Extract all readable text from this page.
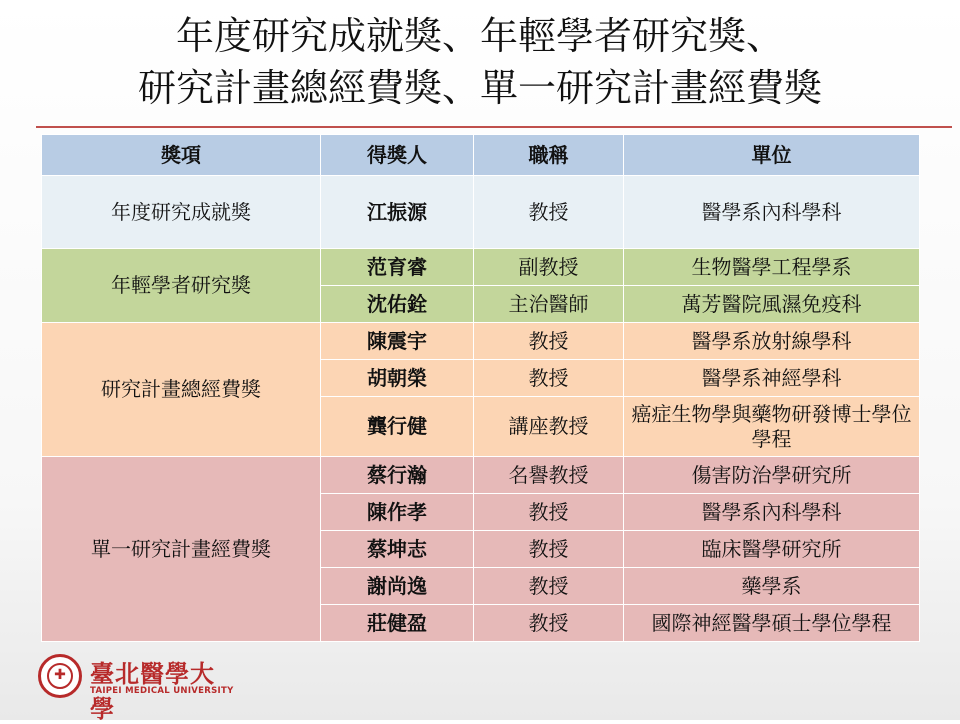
年度研究成就獎、年輕學者研究獎、
研究計畫總經費獎、單一研究計畫經費獎
獎項	得獎人	職稱	單位
年度研究成就獎	江振源	教授	醫學系內科學科
年輕學者研究獎	范育睿	副教授	生物醫學工程學系
	沈佑銓	主治醫師	萬芳醫院風濕免疫科
研究計畫總經費獎	陳震宇	教授	醫學系放射線學科
	胡朝榮	教授	醫學系神經學科
	龔行健	講座教授	癌症生物學與藥物研發博士學位學程
單一研究計畫經費獎	蔡行瀚	名譽教授	傷害防治學研究所
	陳作孝	教授	醫學系內科學科
	蔡坤志	教授	臨床醫學研究所
	謝尚逸	教授	藥學系
	莊健盈	教授	國際神經醫學碩士學位學程
✚	臺北醫學大學
TAIPEI MEDICAL UNIVERSITY
